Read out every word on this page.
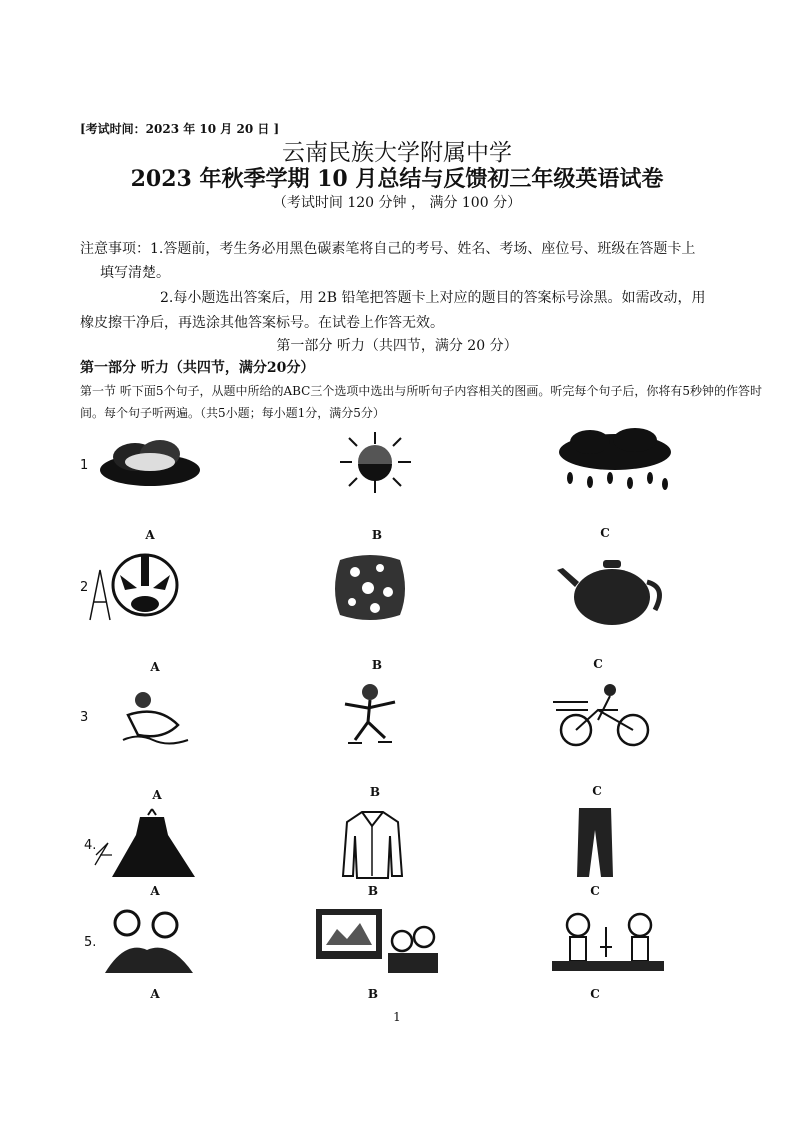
[考试时间：2023 年 10 月 20 日 ]
云南民族大学附属中学
2023 年秋季学期 10 月总结与反馈初三年级英语试卷
（考试时间 120 分钟 ， 满分 100 分）
注意事项：1.答题前，考生务必用黑色碳素笔将自己的考号、姓名、考场、座位号、班级在答题卡上
填写清楚。
2.每小题选出答案后，用 2B 铅笔把答题卡上对应的题目的答案标号涂黑。如需改动，用
橡皮擦干净后，再选涂其他答案标号。在试卷上作答无效。
第一部分 听力（共四节，满分 20 分）
第一部分 听力（共四节，满分20分）
第一节 听下面5个句子，从题中所给的ABC三个选项中选出与所听句子内容相关的图画。听完每个句子后，你将有5秒钟的作答时间。每个句子听两遍。（共5小题；每小题1分，满分5分）
1
A	B	C
2
A	B	C
3
A	B	C
4.
A	B	C
5.
A	B	C
1
